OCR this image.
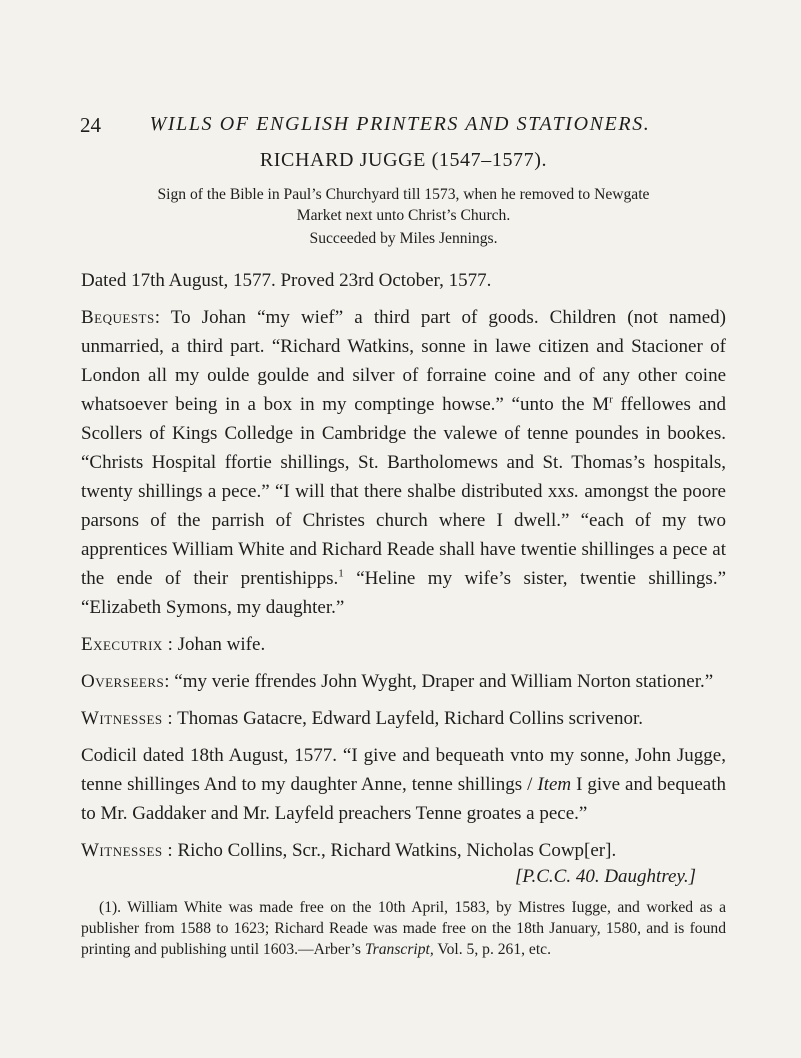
24	WILLS OF ENGLISH PRINTERS AND STATIONERS.
RICHARD JUGGE (1547–1577).
Sign of the Bible in Paul’s Churchyard till 1573, when he removed to Newgate
Market next unto Christ’s Church.
Succeeded by Miles Jennings.

Dated 17th August, 1577. Proved 23rd October, 1577.

Bequests: To Johan “my wief” a third part of goods. Children (not named) unmarried, a third part. “Richard Watkins, sonne in lawe citizen and Stacioner of London all my oulde goulde and silver of forraine coine and of any other coine whatsoever being in a box in my comptinge howse.” “unto the $M^r$ ffellowes and Scollers of Kings Colledge in Cambridge the valewe of tenne poundes in bookes. “Christs Hospital ffortie shillings, St. Bartholomews and St. Thomas’s hospitals, twenty shillings a pece.” “I will that there shalbe distributed xxs. amongst the poore parsons of the parrish of Christes church where I dwell.” “each of my two apprentices William White and Richard Reade shall have twentie shillinges a pece at the ende of their prentishipps.$^1$ “Heline my wife’s sister, twentie shillings.” “Elizabeth Symons, my daughter.”

Executrix : Johan wife.

Overseers: “my verie ffrendes John Wyght, Draper and William Norton stationer.”

Witnesses : Thomas Gatacre, Edward Layfeld, Richard Collins scrivenor.

Codicil dated 18th August, 1577. “I give and bequeath vnto my sonne, John Jugge, tenne shillinges And to my daughter Anne, tenne shillings / Item I give and bequeath to Mr. Gaddaker and Mr. Layfeld preachers Tenne groates a pece.”

Witnesses : Richo Collins, Scr., Richard Watkins, Nicholas Cowp[er].

[P.C.C. 40. Daughtrey.]

(1). William White was made free on the 10th April, 1583, by Mistres Iugge, and worked as a publisher from 1588 to 1623; Richard Reade was made free on the 18th January, 1580, and is found printing and publishing until 1603.—Arber’s Transcript, Vol. 5, p. 261, etc.
